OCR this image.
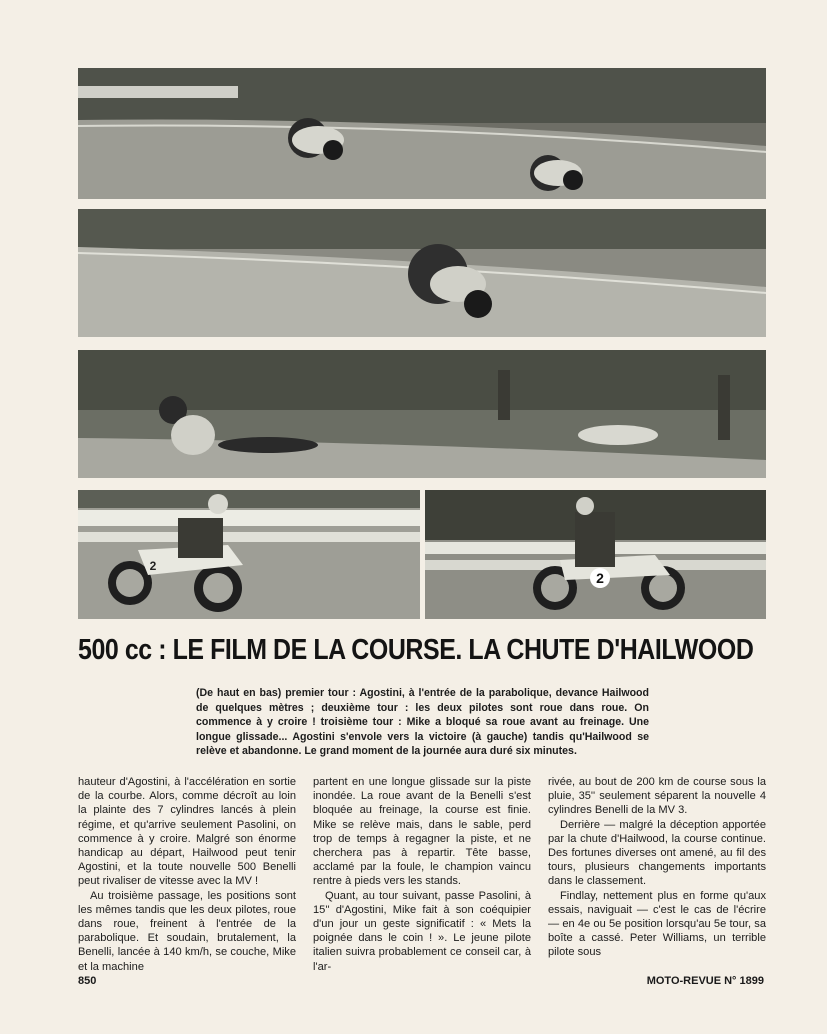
2
500 cc : LE FILM DE LA COURSE. LA CHUTE D'HAILWOOD
(De haut en bas) premier tour : Agostini, à l'entrée de la parabolique, devance Hailwood de quelques mètres ; deuxième tour : les deux pilotes sont roue dans roue. On commence à y croire ! troisième tour : Mike a bloqué sa roue avant au freinage. Une longue glissade... Agostini s'envole vers la victoire (à gauche) tandis qu'Hailwood se relève et abandonne. Le grand moment de la journée aura duré six minutes.

hauteur d'Agostini, à l'accélération en sortie de la courbe. Alors, comme décroît au loin la plainte des 7 cylindres lancés à plein régime, et qu'arrive seulement Pasolini, on commence à y croire. Malgré son énorme handicap au départ, Hailwood peut tenir Agostini, et la toute nouvelle 500 Benelli peut rivaliser de vitesse avec la MV !

Au troisième passage, les positions sont les mêmes tandis que les deux pilotes, roue dans roue, freinent à l'entrée de la parabolique. Et soudain, brutalement, la Benelli, lancée à 140 km/h, se couche, Mike et la machine

partent en une longue glissade sur la piste inondée. La roue avant de la Benelli s'est bloquée au freinage, la course est finie. Mike se relève mais, dans le sable, perd trop de temps à regagner la piste, et ne cherchera pas à repartir. Tête basse, acclamé par la foule, le champion vaincu rentre à pieds vers les stands.

Quant, au tour suivant, passe Pasolini, à 15'' d'Agostini, Mike fait à son coéquipier d'un jour un geste significatif : « Mets la poignée dans le coin ! ». Le jeune pilote italien suivra probablement ce conseil car, à l'ar-

rivée, au bout de 200 km de course sous la pluie, 35'' seulement séparent la nouvelle 4 cylindres Benelli de la MV 3.

Derrière — malgré la déception apportée par la chute d'Hailwood, la course continue. Des fortunes diverses ont amené, au fil des tours, plusieurs changements importants dans le classement.

Findlay, nettement plus en forme qu'aux essais, naviguait — c'est le cas de l'écrire — en 4e ou 5e position lorsqu'au 5e tour, sa boîte a cassé. Peter Williams, un terrible pilote sous

850	MOTO-REVUE N° 1899
2
